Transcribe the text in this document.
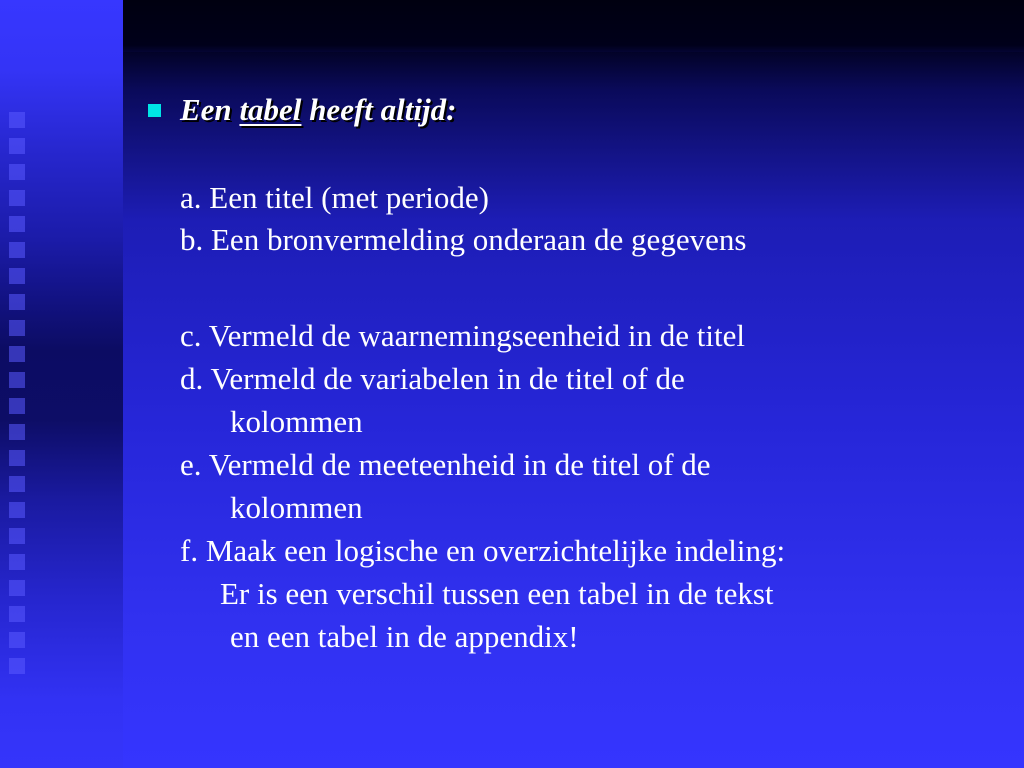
Een tabel heeft altijd:
a. Een titel (met periode)
b. Een bronvermelding onderaan de gegevens
c. Vermeld de waarnemingseenheid in de titel
d. Vermeld de variabelen in de titel of de
kolommen
e. Vermeld de meeteenheid in de titel of de
kolommen
f. Maak een logische en overzichtelijke indeling:
Er is een verschil tussen een tabel in de tekst
en een tabel in de appendix!
